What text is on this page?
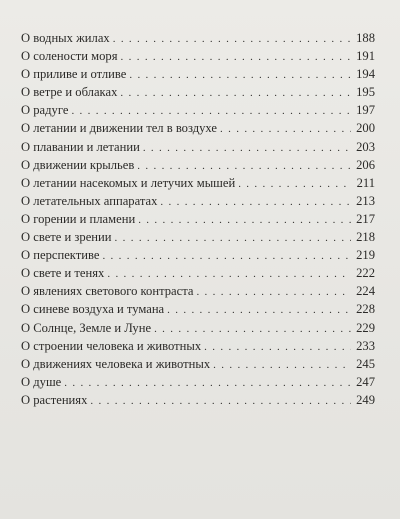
О водных жилах . . .	188
О солености моря . . .	191
О приливе и отливе . . .	194
О ветре и облаках . . .	195
О радуге . . .	197
О летании и движении тел в воздухе . . .	200
О плавании и летании . . .	203
О движении крыльев . . .	206
О летании насекомых и летучих мышей . . .	211
О летательных аппаратах . . .	213
О горении и пламени . . .	217
О свете и зрении . . .	218
О перспективе . . .	219
О свете и тенях . . .	222
О явлениях светового контраста . . .	224
О синеве воздуха и тумана . . .	228
О Солнце, Земле и Луне . . .	229
О строении человека и животных . . .	233
О движениях человека и животных . . .	245
О душе . . .	247
О растениях . . .	249
